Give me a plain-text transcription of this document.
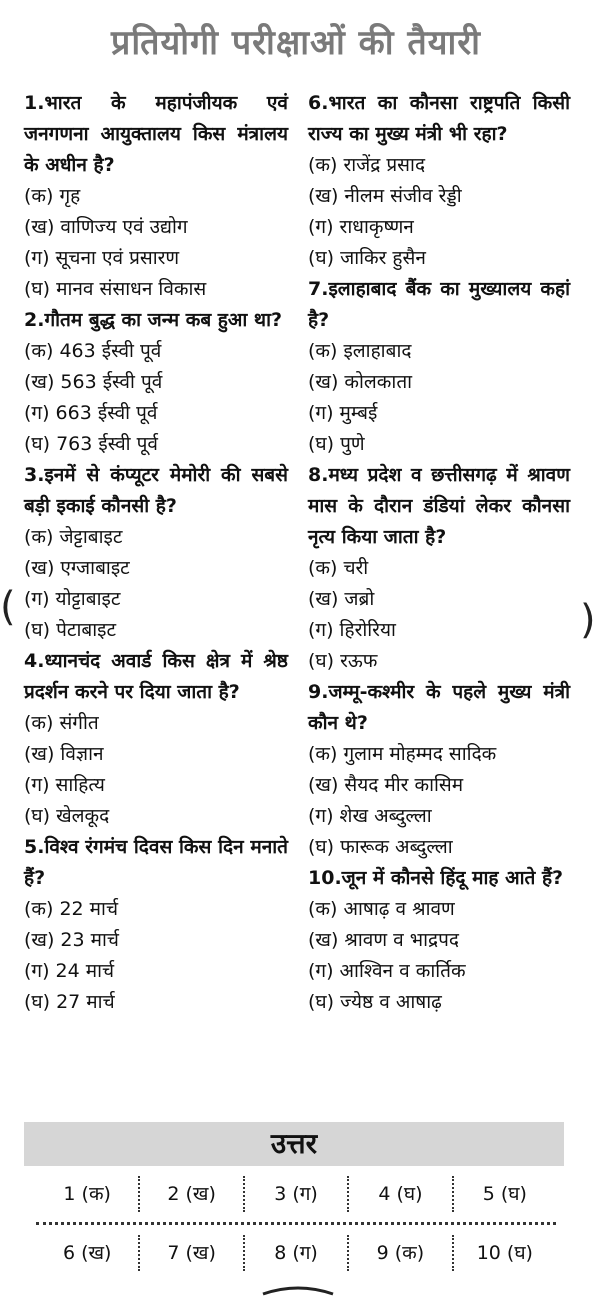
प्रतियोगी परीक्षाओं की तैयारी
(	)
1.भारत के महापंजीयक एवं जनगणना आयुक्तालय किस मंत्रालय के अधीन है?
(क) गृह
(ख) वाणिज्य एवं उद्योग
(ग) सूचना एवं प्रसारण
(घ) मानव संसाधन विकास
2.गौतम बुद्ध का जन्म कब हुआ था?
(क) 463 ईस्वी पूर्व
(ख) 563 ईस्वी पूर्व
(ग) 663 ईस्वी पूर्व
(घ) 763 ईस्वी पूर्व
3.इनमें से कंप्यूटर मेमोरी की सबसे बड़ी इकाई कौनसी है?
(क) जेट्टाबाइट
(ख) एग्जाबाइट
(ग) योट्टाबाइट
(घ) पेटाबाइट
4.ध्यानचंद अवार्ड किस क्षेत्र में श्रेष्ठ प्रदर्शन करने पर दिया जाता है?
(क) संगीत
(ख) विज्ञान
(ग) साहित्य
(घ) खेलकूद
5.विश्व रंगमंच दिवस किस दिन मनाते हैं?
(क) 22 मार्च
(ख) 23 मार्च
(ग) 24 मार्च
(घ) 27 मार्च
6.भारत का कौनसा राष्ट्रपति किसी राज्य का मुख्य मंत्री भी रहा?
(क) राजेंद्र प्रसाद
(ख) नीलम संजीव रेड्डी
(ग) राधाकृष्णन
(घ) जाकिर हुसैन
7.इलाहाबाद बैंक का मुख्यालय कहां है?
(क) इलाहाबाद
(ख) कोलकाता
(ग) मुम्बई
(घ) पुणे
8.मध्य प्रदेश व छत्तीसगढ़ में श्रावण मास के दौरान डंडियां लेकर कौनसा नृत्य किया जाता है?
(क) चरी
(ख) जब्रो
(ग) हिरोरिया
(घ) रऊफ
9.जम्मू-कश्मीर के पहले मुख्य मंत्री कौन थे?
(क) गुलाम मोहम्मद सादिक
(ख) सैयद मीर कासिम
(ग) शेख अब्दुल्ला
(घ) फारूक अब्दुल्ला
10.जून में कौनसे हिंदू माह आते हैं?
(क) आषाढ़ व श्रावण
(ख) श्रावण व भाद्रपद
(ग) आश्विन व कार्तिक
(घ) ज्येष्ठ व आषाढ़
उत्तर
1 (क)	2 (ख)	3 (ग)	4 (घ)	5 (घ)
6 (ख)	7 (ख)	8 (ग)	9 (क)	10 (घ)
